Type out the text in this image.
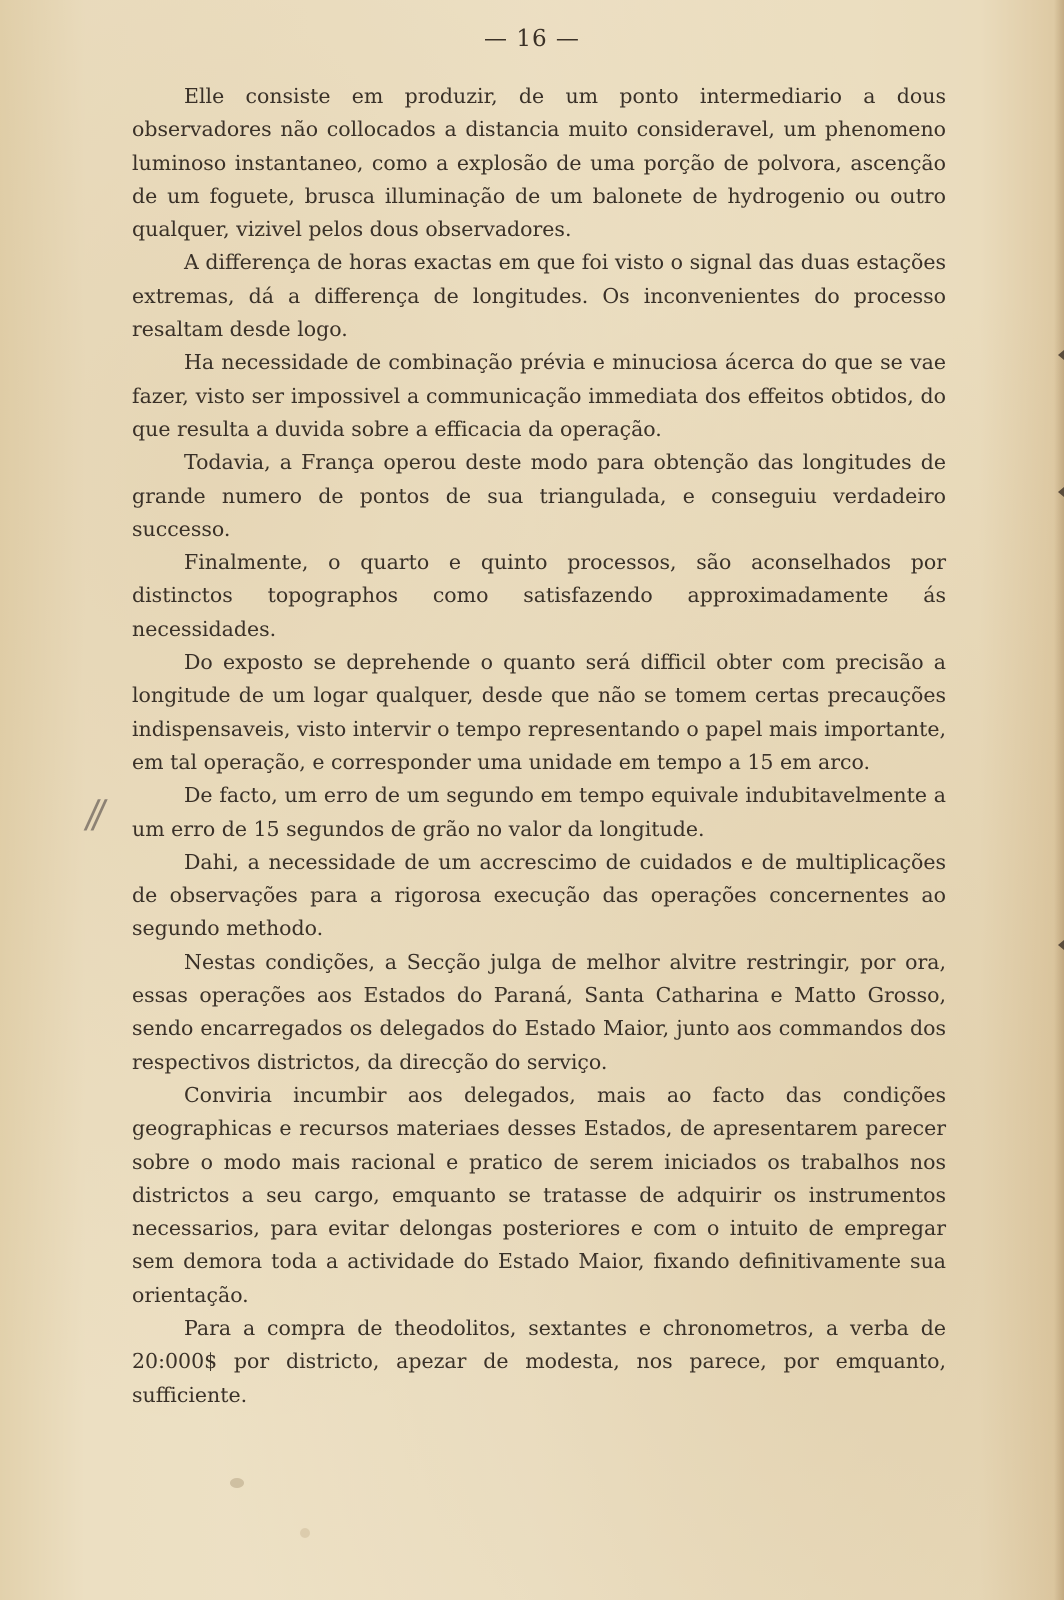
— 16 —

Elle consiste em produzir, de um ponto intermediario a dous observadores não collocados a distancia muito consideravel, um phenomeno luminoso instantaneo, como a explosão de uma porção de polvora, ascenção de um foguete, brusca illuminação de um balonete de hydrogenio ou outro qualquer, vizivel pelos dous observadores.

A differença de horas exactas em que foi visto o signal das duas estações extremas, dá a differença de longitudes. Os inconvenientes do processo resaltam desde logo.

Ha necessidade de combinação prévia e minuciosa ácerca do que se vae fazer, visto ser impossivel a communicação immediata dos effeitos obtidos, do que resulta a duvida sobre a efficacia da operação.

Todavia, a França operou deste modo para obtenção das longitudes de grande numero de pontos de sua triangulada, e conseguiu verdadeiro successo.

Finalmente, o quarto e quinto processos, são aconselhados por distinctos topographos como satisfazendo approximadamente ás necessidades.

Do exposto se deprehende o quanto será difficil obter com precisão a longitude de um logar qualquer, desde que não se tomem certas precauções indispensaveis, visto intervir o tempo representando o papel mais importante, em tal operação, e corresponder uma unidade em tempo a 15 em arco.

De facto, um erro de um segundo em tempo equivale indubitavelmente a um erro de 15 segundos de grão no valor da longitude.

Dahi, a necessidade de um accrescimo de cuidados e de multiplicações de observações para a rigorosa execução das operações concernentes ao segundo methodo.

Nestas condições, a Secção julga de melhor alvitre restringir, por ora, essas operações aos Estados do Paraná, Santa Catharina e Matto Grosso, sendo encarregados os delegados do Estado Maior, junto aos commandos dos respectivos districtos, da direcção do serviço.

Conviria incumbir aos delegados, mais ao facto das condições geographicas e recursos materiaes desses Estados, de apresentarem parecer sobre o modo mais racional e pratico de serem iniciados os trabalhos nos districtos a seu cargo, emquanto se tratasse de adquirir os instrumentos necessarios, para evitar delongas posteriores e com o intuito de empregar sem demora toda a actividade do Estado Maior, fixando definitivamente sua orientação.

Para a compra de theodolitos, sextantes e chronometros, a verba de 20:000$ por districto, apezar de modesta, nos parece, por emquanto, sufficiente.

//
